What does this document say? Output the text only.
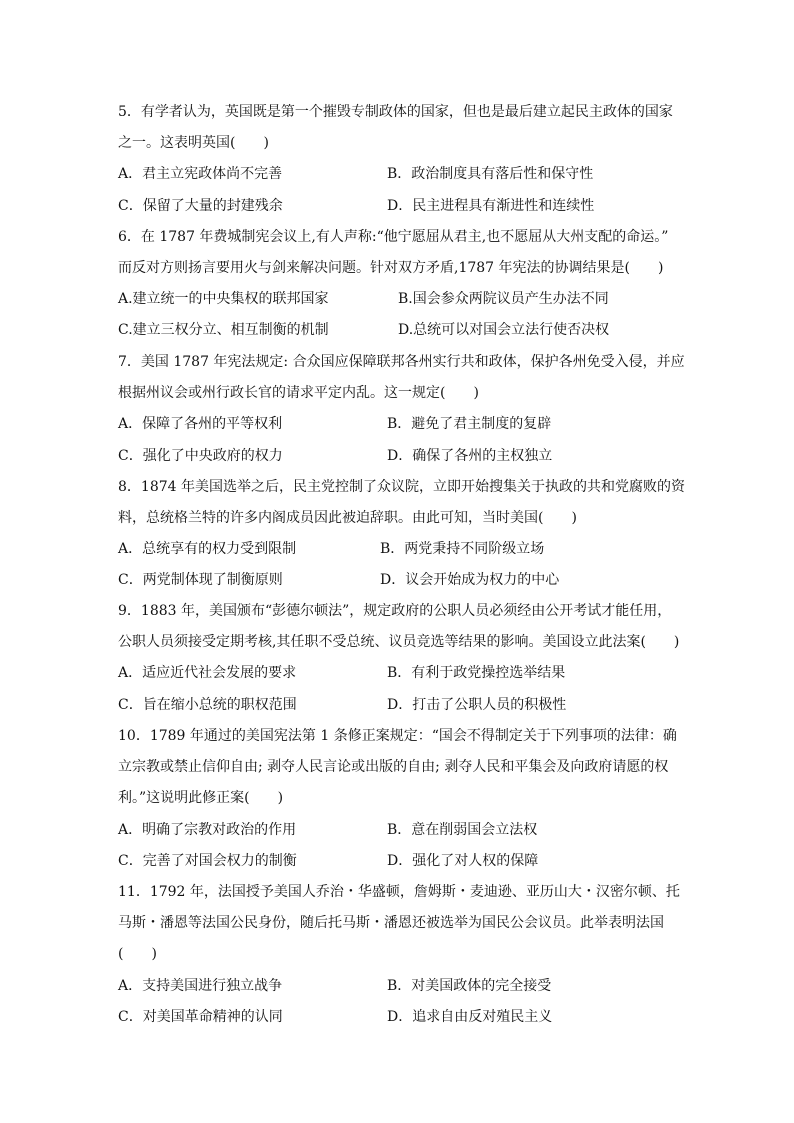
5．有学者认为，英国既是第一个摧毁专制政体的国家，但也是最后建立起民主政体的国家
之一。这表明英国(　　)
A．君主立宪政体尚不完善	B．政治制度具有落后性和保守性
C．保留了大量的封建残余	D．民主进程具有渐进性和连续性
6．在 1787 年费城制宪会议上,有人声称:“他宁愿屈从君主,也不愿屈从大州支配的命运。”
而反对方则扬言要用火与剑来解决问题。针对双方矛盾,1787 年宪法的协调结果是(　　)
A.建立统一的中央集权的联邦国家	B.国会参众两院议员产生办法不同
C.建立三权分立、相互制衡的机制	D.总统可以对国会立法行使否决权
7．美国 1787 年宪法规定: 合众国应保障联邦各州实行共和政体，保护各州免受入侵，并应
根据州议会或州行政长官的请求平定内乱。这一规定(　　)
A．保障了各州的平等权利	B．避免了君主制度的复辟
C．强化了中央政府的权力	D．确保了各州的主权独立
8．1874 年美国选举之后，民主党控制了众议院，立即开始搜集关于执政的共和党腐败的资
料，总统格兰特的许多内阁成员因此被迫辞职。由此可知，当时美国(　　)
A．总统享有的权力受到限制	B．两党秉持不同阶级立场
C．两党制体现了制衡原则	D．议会开始成为权力的中心
9．1883 年，美国颁布“彭德尔顿法”，规定政府的公职人员必须经由公开考试才能任用，
公职人员须接受定期考核,其任职不受总统、议员竞选等结果的影响。美国设立此法案(　　)
A．适应近代社会发展的要求	B．有利于政党操控选举结果
C．旨在缩小总统的职权范围	D．打击了公职人员的积极性
10．1789 年通过的美国宪法第 1 条修正案规定：“国会不得制定关于下列事项的法律：确
立宗教或禁止信仰自由; 剥夺人民言论或出版的自由; 剥夺人民和平集会及向政府请愿的权
利。”这说明此修正案(　　)
A．明确了宗教对政治的作用	B．意在削弱国会立法权
C．完善了对国会权力的制衡	D．强化了对人权的保障
11．1792 年，法国授予美国人乔治・华盛顿，詹姆斯・麦迪逊、亚历山大・汉密尔顿、托
马斯・潘恩等法国公民身份，随后托马斯・潘恩还被选举为国民公会议员。此举表明法国
(　　)
A．支持美国进行独立战争	B．对美国政体的完全接受
C．对美国革命精神的认同	D．追求自由反对殖民主义
